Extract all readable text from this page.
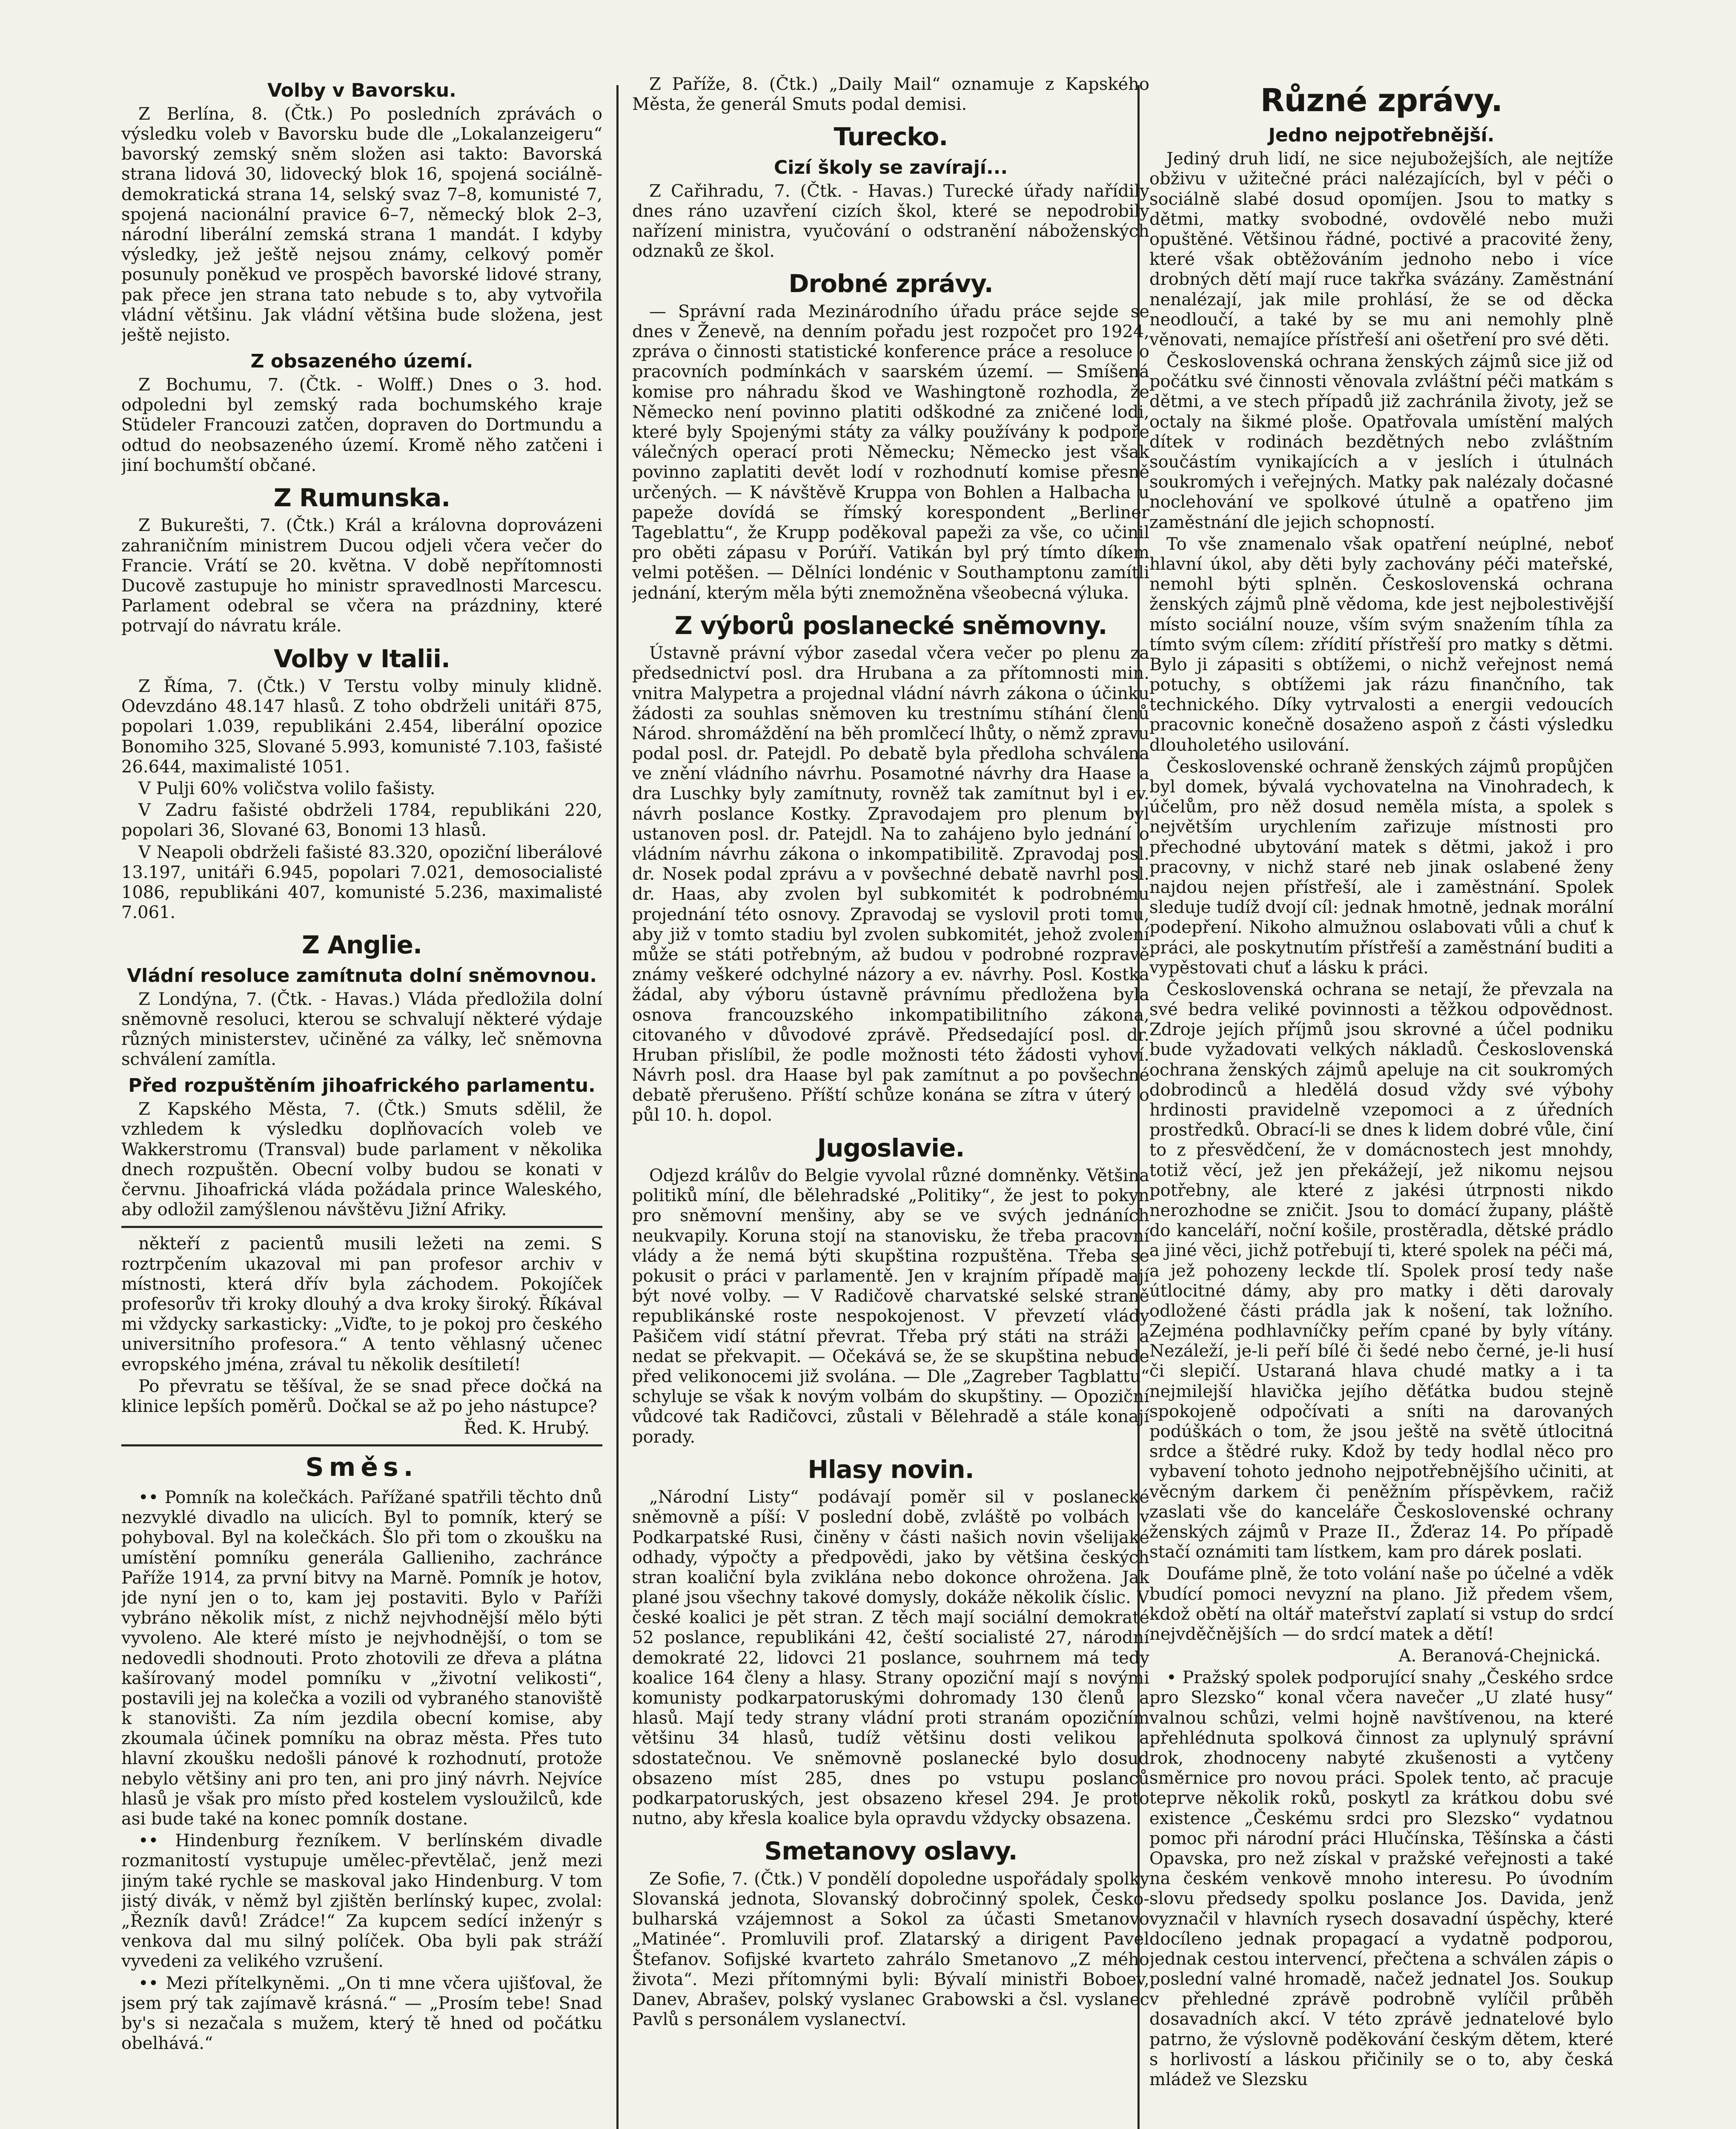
Volby v Bavorsku.

Z Berlína, 8. (Čtk.) Po posledních zprávách o výsledku voleb v Bavorsku bude dle „Lokalanzeigeru“ bavorský zemský sněm složen asi takto: Bavorská strana lidová 30, lidovecký blok 16, spojená sociálně-demokratická strana 14, selský svaz 7–8, komunisté 7, spojená nacionální pravice 6–7, německý blok 2–3, národní liberální zemská strana 1 mandát. I kdyby výsledky, jež ještě nejsou známy, celkový poměr posunuly poněkud ve prospěch bavorské lidové strany, pak přece jen strana tato nebude s to, aby vytvořila vládní většinu. Jak vládní většina bude složena, jest ještě nejisto.

Z obsazeného území.

Z Bochumu, 7. (Čtk. - Wolff.) Dnes o 3. hod. odpoledni byl zemský rada bochumského kraje Stüdeler Francouzi zatčen, dopraven do Dortmundu a odtud do neobsazeného území. Kromě něho zatčeni i jiní bochumští občané.

Z Rumunska.

Z Bukurešti, 7. (Čtk.) Král a královna doprovázeni zahraničním ministrem Ducou odjeli včera večer do Francie. Vrátí se 20. května. V době nepřítomnosti Ducově zastupuje ho ministr spravedlnosti Marcescu. Parlament odebral se včera na prázdniny, které potrvají do návratu krále.

Volby v Italii.

Z Říma, 7. (Čtk.) V Terstu volby minuly klidně. Odevzdáno 48.147 hlasů. Z toho obdrželi unitáři 875, popolari 1.039, republikáni 2.454, liberální opozice Bonomiho 325, Slované 5.993, komunisté 7.103, fašisté 26.644, maximalisté 1051.

V Pulji 60% voličstva volilo fašisty.

V Zadru fašisté obdrželi 1784, republikáni 220, popolari 36, Slované 63, Bonomi 13 hlasů.

V Neapoli obdrželi fašisté 83.320, opoziční liberálové 13.197, unitáři 6.945, popolari 7.021, demosocialisté 1086, republikáni 407, komunisté 5.236, maximalisté 7.061.

Z Anglie.
Vládní resoluce zamítnuta dolní sněmovnou.

Z Londýna, 7. (Čtk. - Havas.) Vláda předložila dolní sněmovně resoluci, kterou se schvalují některé výdaje různých ministerstev, učiněné za války, leč sněmovna schválení zamítla.

Před rozpuštěním jihoafrického parlamentu.

Z Kapského Města, 7. (Čtk.) Smuts sdělil, že vzhledem k výsledku doplňovacích voleb ve Wakkerstromu (Transval) bude parlament v několika dnech rozpuštěn. Obecní volby budou se konati v červnu. Jihoafrická vláda požádala prince Waleského, aby odložil zamýšlenou návštěvu Jižní Afriky.

někteří z pacientů musili ležeti na zemi. S roztrpčením ukazoval mi pan profesor archiv v místnosti, která dřív byla záchodem. Pokojíček profesorův tři kroky dlouhý a dva kroky široký. Říkával mi vždycky sarkasticky: „Viďte, to je pokoj pro českého universitního profesora.“ A tento věhlasný učenec evropského jména, zrával tu několik desítiletí!

Po převratu se těšíval, že se snad přece dočká na klinice lepších poměrů. Dočkal se až po jeho nástupce?

Řed. K. Hrubý.

Směs.

•• Pomník na kolečkách. Pařížané spatřili těchto dnů nezvyklé divadlo na ulicích. Byl to pomník, který se pohyboval. Byl na kolečkách. Šlo při tom o zkoušku na umístění pomníku generála Gallieniho, zachránce Paříže 1914, za první bitvy na Marně. Pomník je hotov, jde nyní jen o to, kam jej postaviti. Bylo v Paříži vybráno několik míst, z nichž nejvhodnější mělo býti vyvoleno. Ale které místo je nejvhodnější, o tom se nedovedli shodnouti. Proto zhotovili ze dřeva a plátna kašírovaný model pomníku v „životní velikosti“, postavili jej na kolečka a vozili od vybraného stanoviště k stanovišti. Za ním jezdila obecní komise, aby zkoumala účinek pomníku na obraz města. Přes tuto hlavní zkoušku nedošli pánové k rozhodnutí, protože nebylo většiny ani pro ten, ani pro jiný návrh. Nejvíce hlasů je však pro místo před kostelem vysloužilců, kde asi bude také na konec pomník dostane.

•• Hindenburg řezníkem. V berlínském divadle rozmanitostí vystupuje umělec-převtělač, jenž mezi jiným také rychle se maskoval jako Hindenburg. V tom jistý divák, v němž byl zjištěn berlínský kupec, zvolal: „Řezník davů! Zrádce!“ Za kupcem sedící inženýr s venkova dal mu silný políček. Oba byli pak stráží vyvedeni za velikého vzrušení.

•• Mezi přítelkyněmi. „On ti mne včera ujišťoval, že jsem prý tak zajímavě krásná.“ — „Prosím tebe! Snad by's si nezačala s mužem, který tě hned od počátku obelhává.“

Z Paříže, 8. (Čtk.) „Daily Mail“ oznamuje z Kapského Města, že generál Smuts podal demisi.

Turecko.
Cizí školy se zavírají...

Z Cařihradu, 7. (Čtk. - Havas.) Turecké úřady nařídily dnes ráno uzavření cizích škol, které se nepodrobily nařízení ministra, vyučování o odstranění náboženských odznaků ze škol.

Drobné zprávy.

— Správní rada Mezinárodního úřadu práce sejde se dnes v Ženevě, na denním pořadu jest rozpočet pro 1924, zpráva o činnosti statistické konference práce a resoluce o pracovních podmínkách v saarském území. — Smíšená komise pro náhradu škod ve Washingtoně rozhodla, že Německo není povinno platiti odškodné za zničené lodi, které byly Spojenými státy za války používány k podpoře válečných operací proti Německu; Německo jest však povinno zaplatiti devět lodí v rozhodnutí komise přesně určených. — K návštěvě Kruppa von Bohlen a Halbacha u papeže dovídá se římský korespondent „Berliner Tageblattu“, že Krupp poděkoval papeži za vše, co učinil pro oběti zápasu v Porúří. Vatikán byl prý tímto díkem velmi potěšen. — Dělníci londénic v Southamptonu zamítli jednání, kterým měla býti znemožněna všeobecná výluka.

Z výborů poslanecké sněmovny.

Ústavně právní výbor zasedal včera večer po plenu za předsednictví posl. dra Hrubana a za přítomnosti min. vnitra Malypetra a projednal vládní návrh zákona o účinku žádosti za souhlas sněmoven ku trestnímu stíhání členů Národ. shromáždění na běh promlčecí lhůty, o němž zpravu podal posl. dr. Patejdl. Po debatě byla předloha schválena ve znění vládního návrhu. Posamotné návrhy dra Haase a dra Luschky byly zamítnuty, rovněž tak zamítnut byl i ev. návrh poslance Kostky. Zpravodajem pro plenum byl ustanoven posl. dr. Patejdl. Na to zahájeno bylo jednání o vládním návrhu zákona o inkompatibilitě. Zpravodaj posl. dr. Nosek podal zprávu a v povšechné debatě navrhl posl. dr. Haas, aby zvolen byl subkomitét k podrobnému projednání této osnovy. Zpravodaj se vyslovil proti tomu, aby již v tomto stadiu byl zvolen subkomitét, jehož zvolení může se státi potřebným, až budou v podrobné rozpravě známy veškeré odchylné názory a ev. návrhy. Posl. Kostka žádal, aby výboru ústavně právnímu předložena byla osnova francouzského inkompatibilitního zákona, citovaného v důvodové zprávě. Předsedající posl. dr. Hruban přislíbil, že podle možnosti této žádosti vyhoví. Návrh posl. dra Haase byl pak zamítnut a po povšechné debatě přerušeno. Příští schůze konána se zítra v úterý o půl 10. h. dopol.

Jugoslavie.

Odjezd králův do Belgie vyvolal různé domněnky. Většina politiků míní, dle bělehradské „Politiky“, že jest to pokyn pro sněmovní menšiny, aby se ve svých jednáních neukvapily. Koruna stojí na stanovisku, že třeba pracovní vlády a že nemá býti skupština rozpuštěna. Třeba se pokusit o práci v parlamentě. Jen v krajním případě mají být nové volby. — V Radičově charvatské selské straně republikánské roste nespokojenost. V převzetí vlády Pašičem vidí státní převrat. Třeba prý státi na stráži a nedat se překvapit. — Očekává se, že se skupština nebude před velikonocemi již svolána. — Dle „Zagreber Tagblattu“ schyluje se však k novým volbám do skupštiny. — Opoziční vůdcové tak Radičovci, zůstali v Bělehradě a stále konají porady.

Hlasy novin.

„Národní Listy“ podávají poměr sil v poslanecké sněmovně a píší: V poslední době, zvláště po volbách v Podkarpatské Rusi, činěny v části našich novin všelijaké odhady, výpočty a předpovědi, jako by většina českých stran koaliční byla zviklána nebo dokonce ohrožena. Jak plané jsou všechny takové domysly, dokáže několik číslic. V české koalici je pět stran. Z těch mají sociální demokraté 52 poslance, republikáni 42, čeští socialisté 27, národní demokraté 22, lidovci 21 poslance, souhrnem má tedy koalice 164 členy a hlasy. Strany opoziční mají s novými komunisty podkarpatoruskými dohromady 130 členů a hlasů. Mají tedy strany vládní proti stranám opozičním většinu 34 hlasů, tudíž většinu dosti velikou a sdostatečnou. Ve sněmovně poslanecké bylo dosud obsazeno míst 285, dnes po vstupu poslanců podkarpatoruských, jest obsazeno křesel 294. Je proto nutno, aby křesla koalice byla opravdu vždycky obsazena.

Smetanovy oslavy.

Ze Sofie, 7. (Čtk.) V pondělí dopoledne uspořádaly spolky Slovanská jednota, Slovanský dobročinný spolek, Česko-bulharská vzájemnost a Sokol za účasti Smetanovo „Matinée“. Promluvili prof. Zlatarský a dirigent Pavel Štefanov. Sofijské kvarteto zahrálo Smetanovo „Z mého života“. Mezi přítomnými byli: Bývalí ministři Boboev, Danev, Abrašev, polský vyslanec Grabowski a čsl. vyslanec Pavlů s personálem vyslanectví.

Různé zprávy.
Jedno nejpotřebnější.

Jediný druh lidí, ne sice nejubožejších, ale nejtíže obživu v užitečné práci nalézajících, byl v péči o sociálně slabé dosud opomíjen. Jsou to matky s dětmi, matky svobodné, ovdovělé nebo muži opuštěné. Většinou řádné, poctivé a pracovité ženy, které však obtěžováním jednoho nebo i více drobných dětí mají ruce takřka svázány. Zaměstnání nenalézají, jak mile prohlásí, že se od děcka neodloučí, a také by se mu ani nemohly plně věnovati, nemajíce přístřeší ani ošetření pro své děti.

Československá ochrana ženských zájmů sice již od počátku své činnosti věnovala zvláštní péči matkám s dětmi, a ve stech případů již zachránila životy, jež se octaly na šikmé ploše. Opatřovala umístění malých dítek v rodinách bezdětných nebo zvláštním součástím vynikajících a v jeslích i útulnách soukromých i veřejných. Matky pak nalézaly dočasné noclehování ve spolkové útulně a opatřeno jim zaměstnání dle jejich schopností.

To vše znamenalo však opatření neúplné, neboť hlavní úkol, aby děti byly zachovány péči mateřské, nemohl býti splněn. Československá ochrana ženských zájmů plně vědoma, kde jest nejbolestivější místo sociální nouze, vším svým snažením tíhla za tímto svým cílem: zřídití přístřeší pro matky s dětmi. Bylo ji zápasiti s obtížemi, o nichž veřejnost nemá potuchy, s obtížemi jak rázu finančního, tak technického. Díky vytrvalosti a energii vedoucích pracovnic konečně dosaženo aspoň z části výsledku dlouholetého usilování.

Československé ochraně ženských zájmů propůjčen byl domek, bývalá vychovatelna na Vinohradech, k účelům, pro něž dosud neměla místa, a spolek s největším urychlením zařizuje místnosti pro přechodné ubytování matek s dětmi, jakož i pro pracovny, v nichž staré neb jinak oslabené ženy najdou nejen přístřeší, ale i zaměstnání. Spolek sleduje tudíž dvojí cíl: jednak hmotně, jednak morální podepření. Nikoho almužnou oslabovati vůli a chuť k práci, ale poskytnutím přístřeší a zaměstnání buditi a vypěstovati chuť a lásku k práci.

Československá ochrana se netají, že převzala na své bedra veliké povinnosti a těžkou odpovědnost. Zdroje jejích příjmů jsou skrovné a účel podniku bude vyžadovati velkých nákladů. Československá ochrana ženských zájmů apeluje na cit soukromých dobrodinců a hledělá dosud vždy své výbohy hrdinosti pravidelně vzepomoci a z úředních prostředků. Obrací-li se dnes k lidem dobré vůle, činí to z přesvědčení, že v domácnostech jest mnohdy, totiž věcí, jež jen překážejí, jež nikomu nejsou potřebny, ale které z jakési útrpnosti nikdo nerozhodne se zničit. Jsou to domácí župany, pláště do kanceláří, noční košile, prostěradla, dětské prádlo a jiné věci, jichž potřebují ti, které spolek na péči má, a jež pohozeny leckde tlí. Spolek prosí tedy naše útlocitné dámy, aby pro matky i děti darovaly odložené části prádla jak k nošení, tak ložního. Zejména podhlavníčky peřím cpané by byly vítány. Nezáleží, je-li peří bílé či šedé nebo černé, je-li husí či slepičí. Ustaraná hlava chudé matky a i ta nejmilejší hlavička jejího děťátka budou stejně spokojeně odpočívati a sníti na darovaných podúškách o tom, že jsou ještě na světě útlocitná srdce a štědré ruky. Kdož by tedy hodlal něco pro vybavení tohoto jednoho nejpotřebnějšího učiniti, at věcným darkem či peněžním příspěvkem, račiž zaslati vše do kanceláře Československé ochrany ženských zájmů v Praze II., Žďeraz 14. Po případě stačí oznámiti tam lístkem, kam pro dárek poslati.

Doufáme plně, že toto volání naše po účelné a vděk budící pomoci nevyzní na plano. Již předem všem, kdož obětí na oltář mateřství zaplatí si vstup do srdcí nejvděčnějších — do srdcí matek a dětí!

A. Beranová-Chejnická.

• Pražský spolek podporující snahy „Českého srdce pro Slezsko“ konal včera navečer „U zlaté husy“ valnou schůzi, velmi hojně navštívenou, na které přehlédnuta spolková činnost za uplynulý správní rok, zhodnoceny nabyté zkušenosti a vytčeny směrnice pro novou práci. Spolek tento, ač pracuje teprve několik roků, poskytl za krátkou dobu své existence „Českému srdci pro Slezsko“ vydatnou pomoc při národní práci Hlučínska, Těšínska a části Opavska, pro než získal v pražské veřejnosti a také na českém venkově mnoho interesu. Po úvodním slovu předsedy spolku poslance Jos. Davida, jenž vyznačil v hlavních rysech dosavadní úspěchy, které docíleno jednak propagací a vydatně podporou, jednak cestou intervencí, přečtena a schválen zápis o poslední valné hromadě, načež jednatel Jos. Soukup v přehledné zprávě podrobně vylíčil průběh dosavadních akcí. V této zprávě jednatelové bylo patrno, že výslovně poděkování českým dětem, které s horlivostí a láskou přičinily se o to, aby česká mládež ve Slezsku
